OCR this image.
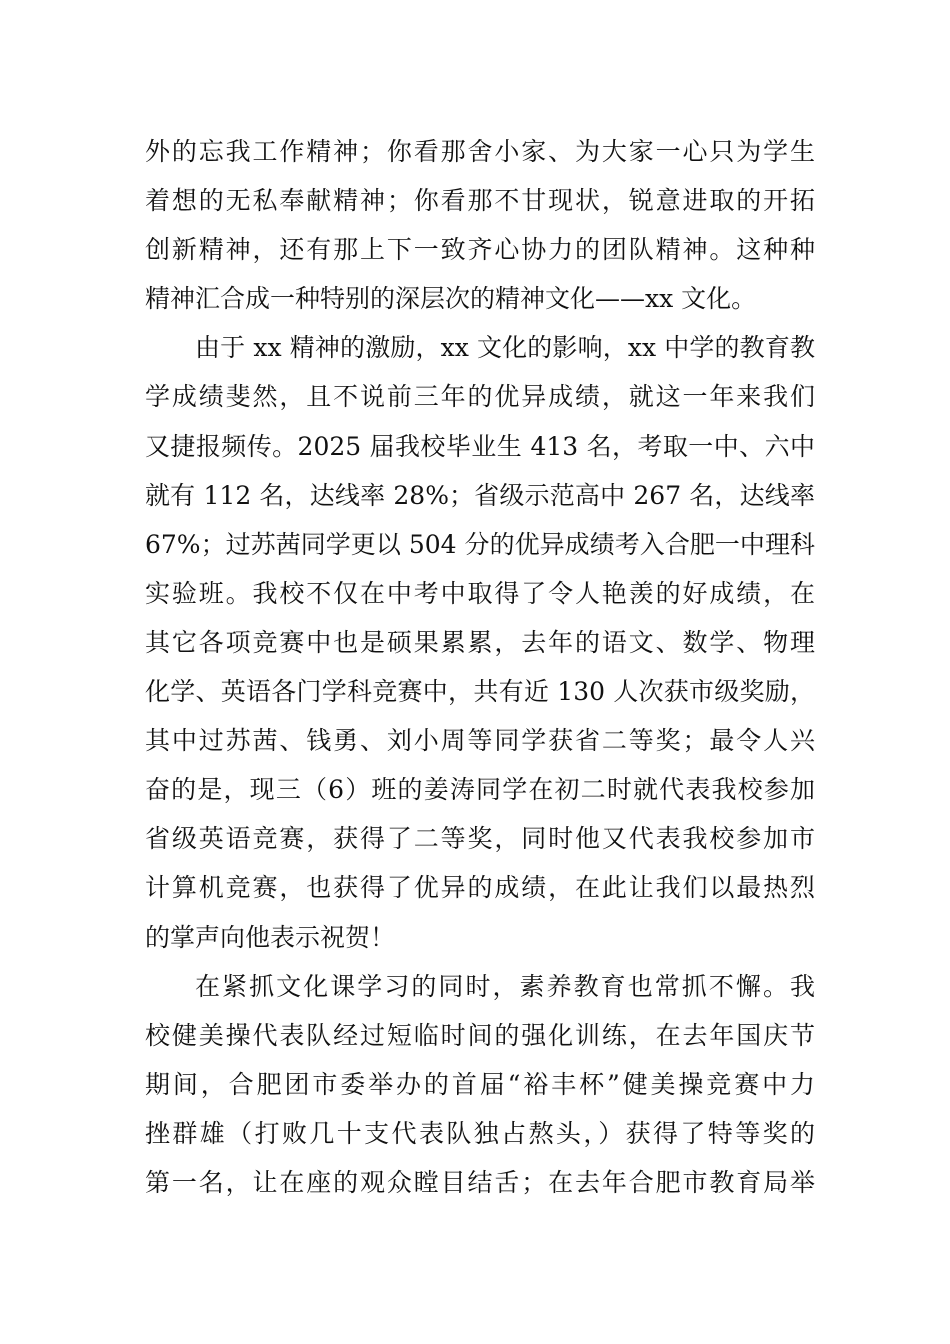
外的忘我工作精神；你看那舍小家、为大家一心只为学生
着想的无私奉献精神；你看那不甘现状，锐意进取的开拓
创新精神，还有那上下一致齐心协力的团队精神。这种种
精神汇合成一种特别的深层次的精神文化——xx 文化。
由于 xx 精神的激励，xx 文化的影响，xx 中学的教育教
学成绩斐然，且不说前三年的优异成绩，就这一年来我们
又捷报频传。2025 届我校毕业生 413 名，考取一中、六中
就有 112 名，达线率 28%；省级示范高中 267 名，达线率
67%；过苏茜同学更以 504 分的优异成绩考入合肥一中理科
实验班。我校不仅在中考中取得了令人艳羡的好成绩，在
其它各项竞赛中也是硕果累累，去年的语文、数学、物理
化学、英语各门学科竞赛中，共有近 130 人次获市级奖励，
其中过苏茜、钱勇、刘小周等同学获省二等奖；最令人兴
奋的是，现三（6）班的姜涛同学在初二时就代表我校参加
省级英语竞赛，获得了二等奖，同时他又代表我校参加市
计算机竞赛，也获得了优异的成绩，在此让我们以最热烈
的掌声向他表示祝贺！
在紧抓文化课学习的同时，素养教育也常抓不懈。我
校健美操代表队经过短临时间的强化训练，在去年国庆节
期间，合肥团市委举办的首届“裕丰杯”健美操竞赛中力
挫群雄（打败几十支代表队独占熬头，）获得了特等奖的
第一名，让在座的观众瞠目结舌；在去年合肥市教育局举
